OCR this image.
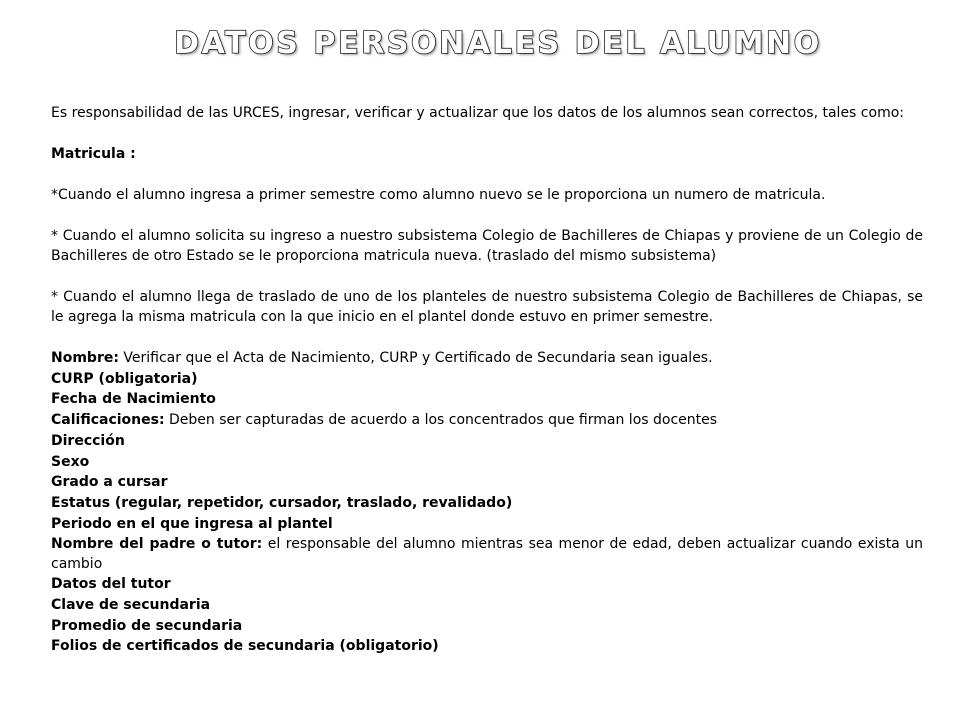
DATOS PERSONALES DEL ALUMNO

Es responsabilidad de las URCES, ingresar, verificar y actualizar que los datos de los alumnos sean correctos, tales como:

Matricula :

*Cuando el alumno ingresa a primer semestre como alumno nuevo se le proporciona un numero de matricula.

* Cuando el alumno solicita su ingreso a nuestro subsistema Colegio de Bachilleres de Chiapas y proviene de un Colegio de Bachilleres de otro Estado se le proporciona matricula nueva. (traslado del mismo subsistema)

* Cuando el alumno llega de traslado de uno de los planteles de nuestro subsistema Colegio de Bachilleres de Chiapas, se le agrega la misma matricula con la que inicio en el plantel donde estuvo en primer semestre.

Nombre: Verificar que el Acta de Nacimiento, CURP y Certificado de Secundaria sean iguales.

CURP (obligatoria)

Fecha de Nacimiento

Calificaciones: Deben ser capturadas de acuerdo a los concentrados que firman los docentes

Dirección

Sexo

Grado a cursar

Estatus (regular, repetidor, cursador, traslado, revalidado)

Periodo en el que ingresa al plantel

Nombre del padre o tutor: el responsable del alumno mientras sea menor de edad, deben actualizar cuando exista un cambio

Datos del tutor

Clave de secundaria

Promedio de secundaria

Folios de certificados de secundaria (obligatorio)
